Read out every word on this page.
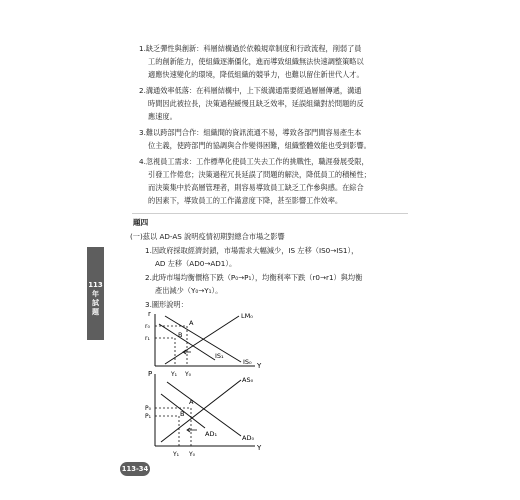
1.缺乏彈性與創新：科層結構過於依賴規章制度和行政流程，削弱了員
工的創新能力，使組織逐漸僵化，進而導致組織無法快速調整策略以
適應快速變化的環境，降低組織的競爭力，也難以留住新世代人才。
2.溝通效率低落：在科層結構中，上下級溝通需要經過層層傳遞，溝通
時間因此被拉長，決策過程緩慢且缺乏效率，延誤組織對於問題的反
應速度。
3.難以跨部門合作：組織間的資訊流通不易，導致各部門間容易產生本
位主義，使跨部門的協調與合作變得困難，組織整體效能也受到影響。
4.忽視員工需求：工作標準化使員工失去工作的挑戰性，職涯發展受限，
引發工作倦怠；決策過程冗長延誤了問題的解決，降低員工的積極性；
而決策集中於高層管理者，則容易導致員工缺乏工作參與感。在綜合
的因素下，導致員工的工作滿意度下降，甚至影響工作效率。
題四
(一)茲以 AD-AS 說明疫情初期對總合市場之影響
1.因政府採取經濟封鎖，市場需求大幅減少，IS 左移（IS0→IS1），
AD 左移（AD0→AD1）。
2.此時市場均衡價格下跌（P₀→P₁），均衡利率下跌（r0→r1）與均衡
產出減少（Y₀→Y₁）。
3.圖形說明：
r
Y
LM₀
IS₀
IS₁
A
B
r₀
r₁
Y₁ Y₀
P
Y
AS₀
AD₀
AD₁
A
B
P₀
P₁
Y₁ Y₀
113
年
試
題
113-34
